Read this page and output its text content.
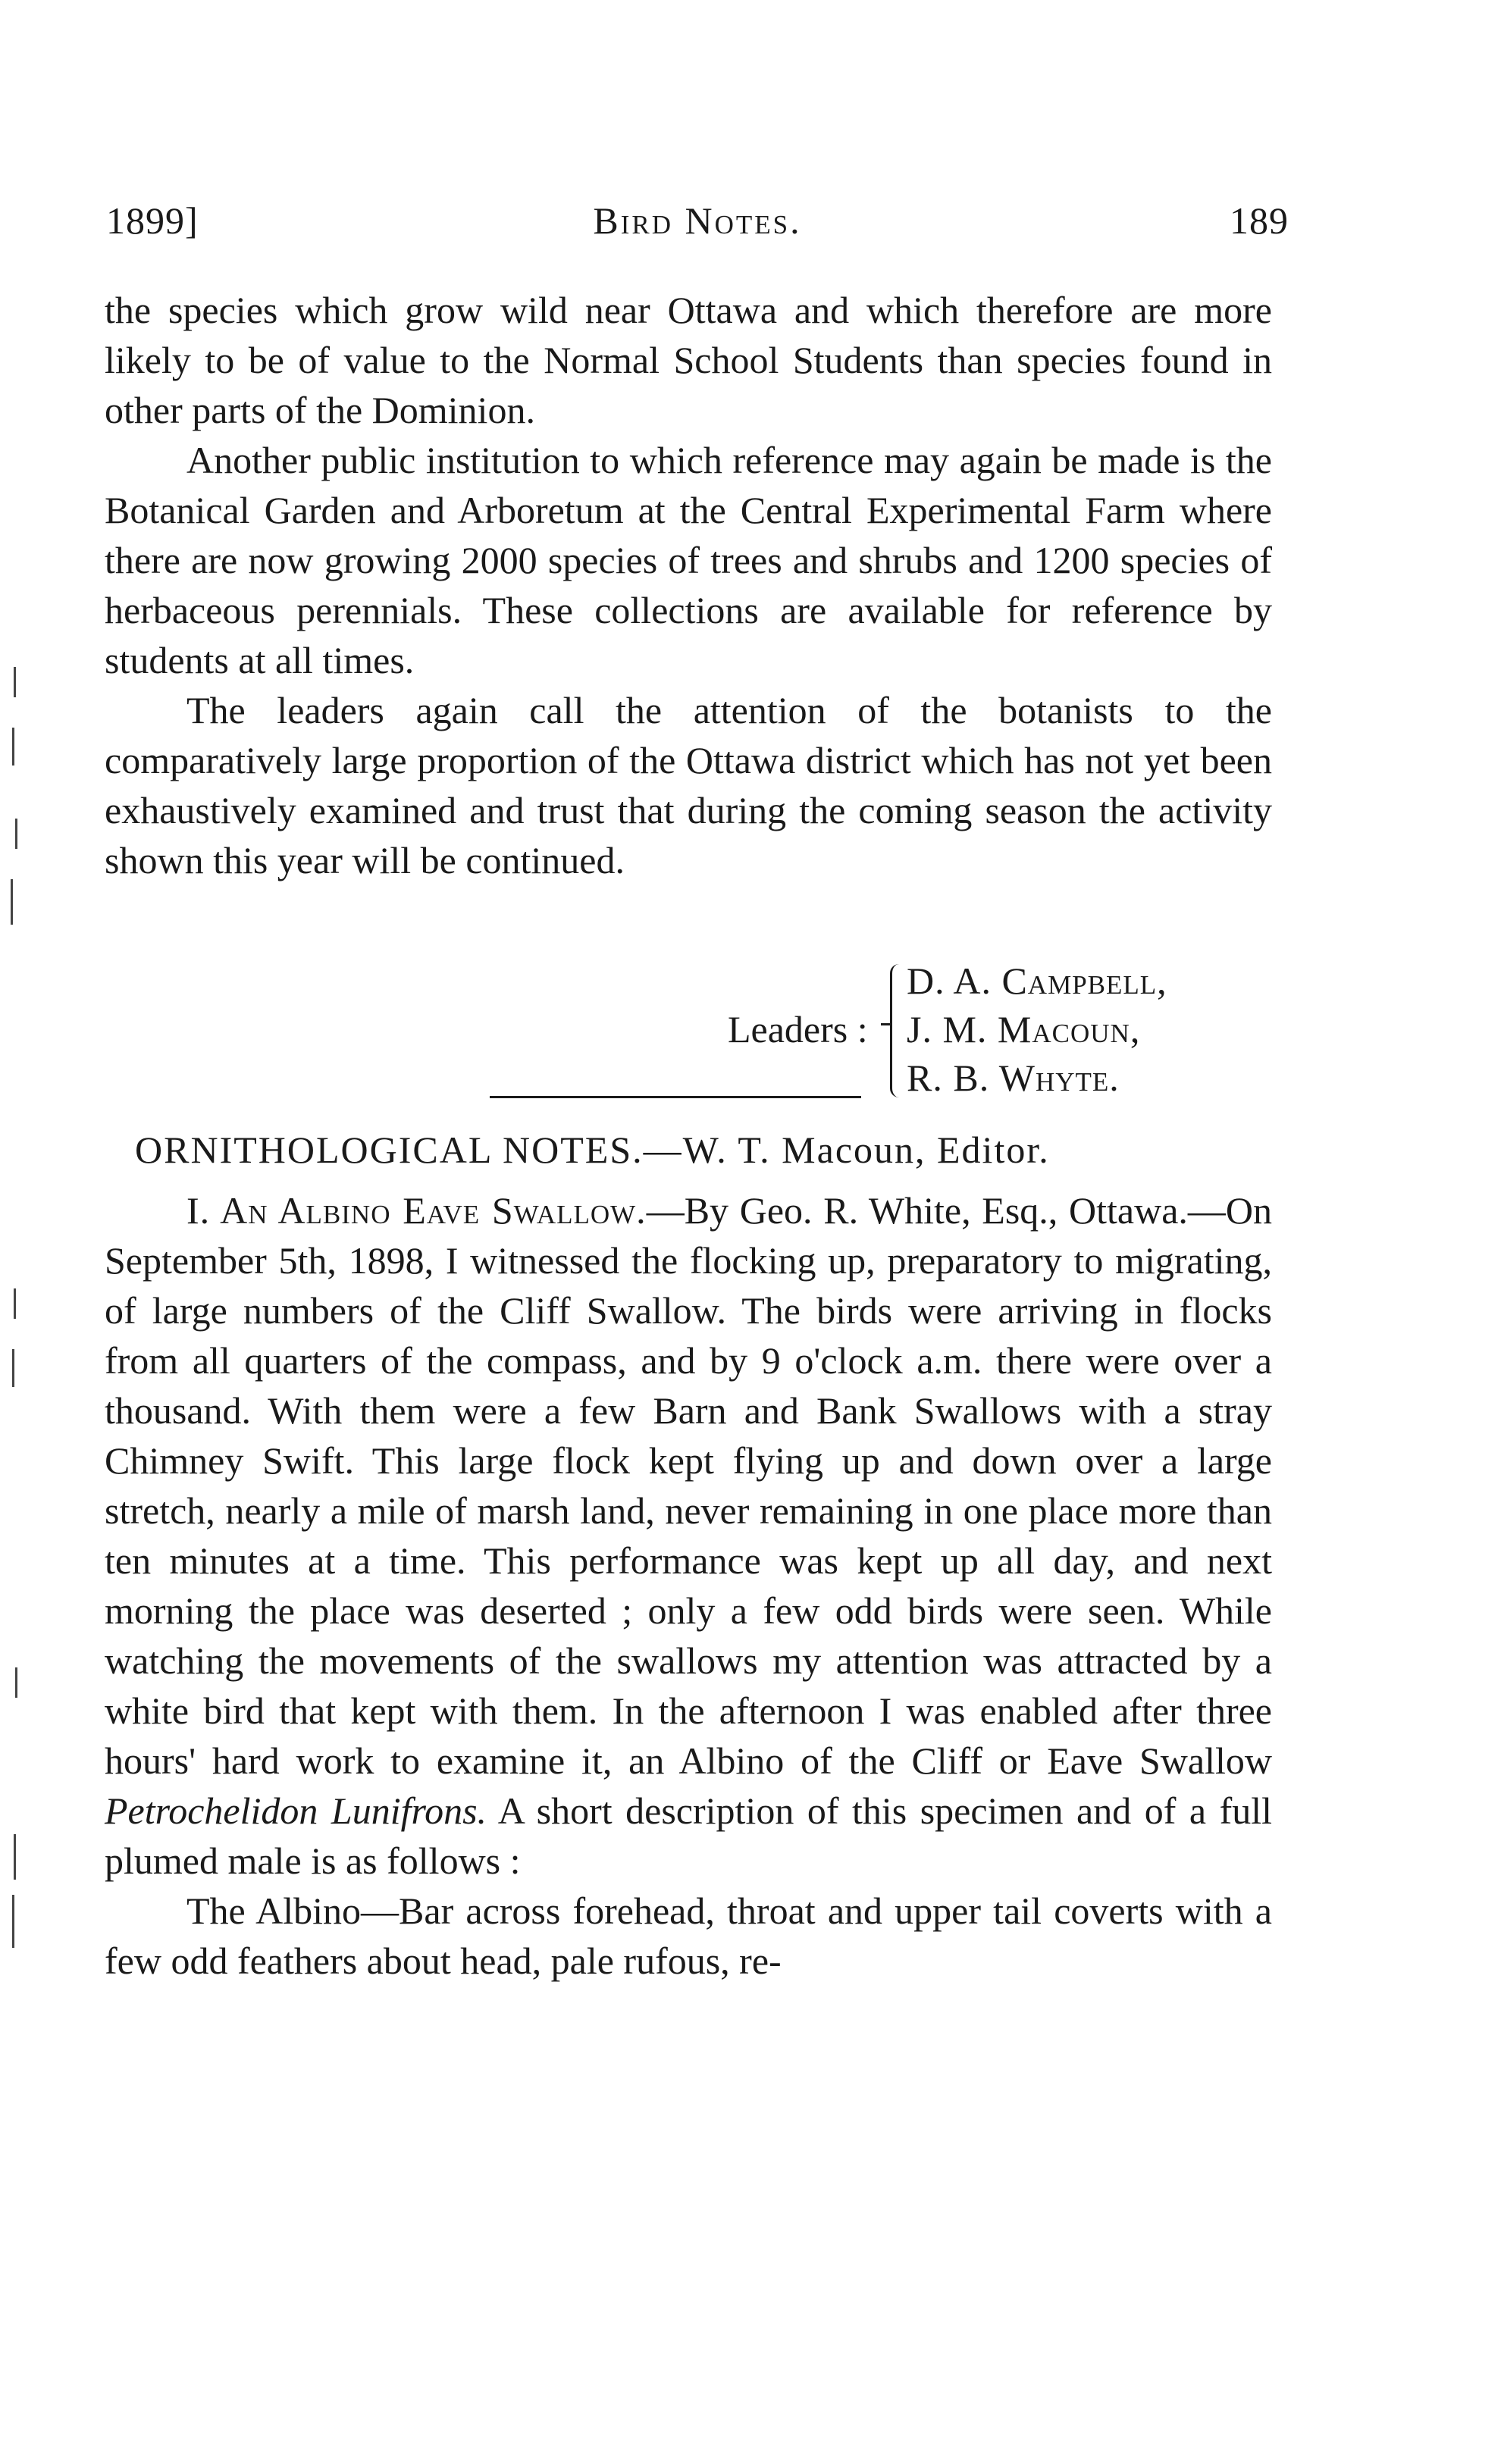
1899]	Bird Notes.	189

the species which grow wild near Ottawa and which therefore are more likely to be of value to the Normal School Students than species found in other parts of the Dominion.

Another public institution to which reference may again be made is the Botanical Garden and Arboretum at the Central Experimental Farm where there are now growing 2000 species of trees and shrubs and 1200 species of herbaceous perennials. These collections are available for reference by students at all times.

The leaders again call the attention of the botanists to the comparatively large proportion of the Ottawa district which has not yet been exhaustively examined and trust that during the coming season the activity shown this year will be continued.

Leaders :
D. A. Campbell,
J. M. Macoun,
R. B. Whyte.
ORNITHOLOGICAL NOTES.—W. T. Macoun, Editor.

I. An Albino Eave Swallow.—By Geo. R. White, Esq., Ottawa.—On September 5th, 1898, I witnessed the flocking up, preparatory to migrating, of large numbers of the Cliff Swallow. The birds were arriving in flocks from all quarters of the compass, and by 9 o'clock a.m. there were over a thousand. With them were a few Barn and Bank Swallows with a stray Chimney Swift. This large flock kept flying up and down over a large stretch, nearly a mile of marsh land, never remaining in one place more than ten minutes at a time. This performance was kept up all day, and next morning the place was deserted ; only a few odd birds were seen. While watching the movements of the swallows my attention was attracted by a white bird that kept with them. In the afternoon I was enabled after three hours' hard work to examine it, an Albino of the Cliff or Eave Swallow Petrochelidon Lunifrons. A short description of this specimen and of a full plumed male is as follows :

The Albino—Bar across forehead, throat and upper tail coverts with a few odd feathers about head, pale rufous, re-
